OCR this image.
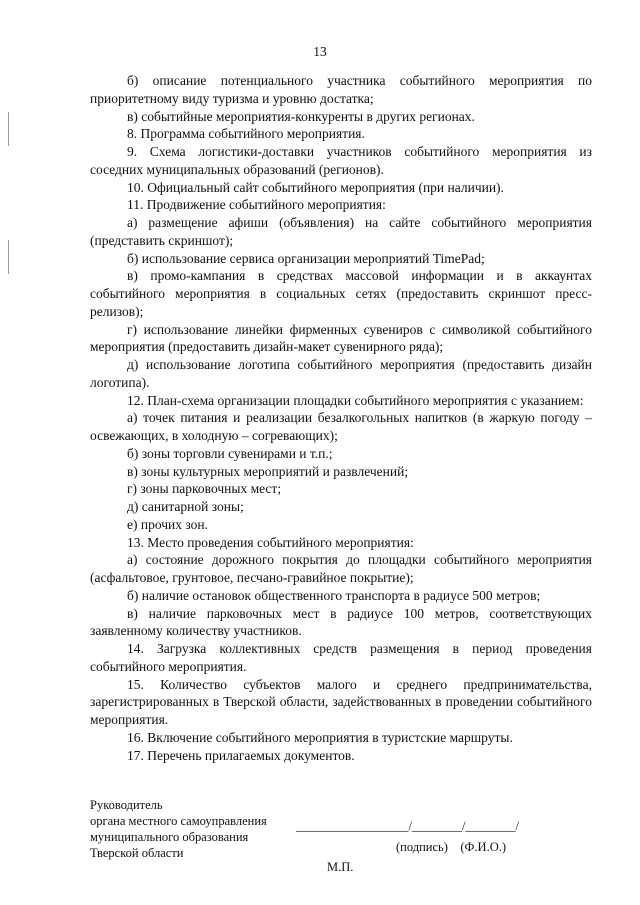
13

б) описание потенциального участника событийного мероприятия по приоритетному виду туризма и уровню достатка;

в) событийные мероприятия-конкуренты в других регионах.

8. Программа событийного мероприятия.

9. Схема логистики-доставки участников событийного мероприятия из соседних муниципальных образований (регионов).

10. Официальный сайт событийного мероприятия (при наличии).

11. Продвижение событийного мероприятия:

а) размещение афиши (объявления) на сайте событийного мероприятия (представить скриншот);

б) использование сервиса организации мероприятий TimePad;

в) промо-кампания в средствах массовой информации и в аккаунтах событийного мероприятия в социальных сетях (предоставить скриншот пресс-релизов);

г) использование линейки фирменных сувениров с символикой событийного мероприятия (предоставить дизайн-макет сувенирного ряда);

д) использование логотипа событийного мероприятия (предоставить дизайн логотипа).

12. План-схема организации площадки событийного мероприятия с указанием:

а) точек питания и реализации безалкогольных напитков (в жаркую погоду – освежающих, в холодную – согревающих);

б) зоны торговли сувенирами и т.п.;

в) зоны культурных мероприятий и развлечений;

г) зоны парковочных мест;

д) санитарной зоны;

е) прочих зон.

13. Место проведения событийного мероприятия:

а) состояние дорожного покрытия до площадки событийного мероприятия (асфальтовое, грунтовое, песчано-гравийное покрытие);

б) наличие остановок общественного транспорта в радиусе 500 метров;

в) наличие парковочных мест в радиусе 100 метров, соответствующих заявленному количеству участников.

14. Загрузка коллективных средств размещения в период проведения событийного мероприятия.

15. Количество субъектов малого и среднего предпринимательства, зарегистрированных в Тверской области, задействованных в проведении событийного мероприятия.

16. Включение событийного мероприятия в туристские маршруты.

17. Перечень прилагаемых документов.

Руководитель
органа местного самоуправления
муниципального образования
Тверской области
__________________/________/________/
(подпись)    (Ф.И.О.)
М.П.
